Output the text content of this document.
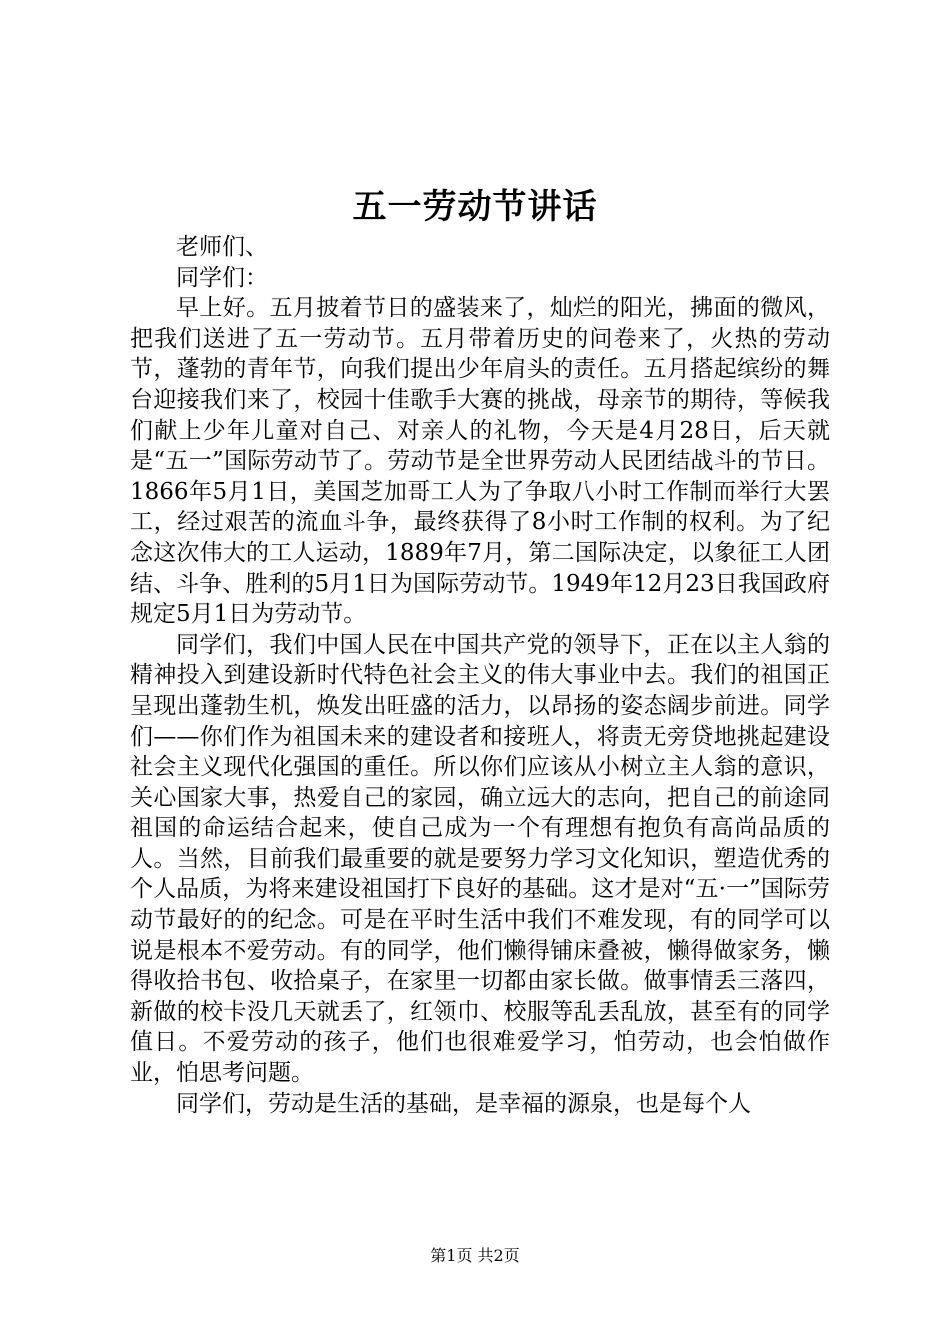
五一劳动节讲话

老师们、

同学们：

早上好。五月披着节日的盛装来了，灿烂的阳光，拂面的微风，把我们送进了五一劳动节。五月带着历史的问卷来了，火热的劳动节，蓬勃的青年节，向我们提出少年肩头的责任。五月搭起缤纷的舞台迎接我们来了，校园十佳歌手大赛的挑战，母亲节的期待，等候我们献上少年儿童对自己、对亲人的礼物，今天是4月28日，后天就是“五一”国际劳动节了。劳动节是全世界劳动人民团结战斗的节日。1866年5月1日，美国芝加哥工人为了争取八小时工作制而举行大罢工，经过艰苦的流血斗争，最终获得了8小时工作制的权利。为了纪念这次伟大的工人运动，1889年7月，第二国际决定，以象征工人团结、斗争、胜利的5月1日为国际劳动节。1949年12月23日我国政府规定5月1日为劳动节。

同学们，我们中国人民在中国共产党的领导下，正在以主人翁的精神投入到建设新时代特色社会主义的伟大事业中去。我们的祖国正呈现出蓬勃生机，焕发出旺盛的活力，以昂扬的姿态阔步前进。同学们——你们作为祖国未来的建设者和接班人，将责无旁贷地挑起建设社会主义现代化强国的重任。所以你们应该从小树立主人翁的意识，关心国家大事，热爱自己的家园，确立远大的志向，把自己的前途同祖国的命运结合起来，使自己成为一个有理想有抱负有高尚品质的人。当然，目前我们最重要的就是要努力学习文化知识，塑造优秀的个人品质，为将来建设祖国打下良好的基础。这才是对“五·一”国际劳动节最好的的纪念。可是在平时生活中我们不难发现，有的同学可以说是根本不爱劳动。有的同学，他们懒得铺床叠被，懒得做家务，懒得收拾书包、收拾桌子，在家里一切都由家长做。做事情丢三落四，新做的校卡没几天就丢了，红领巾、校服等乱丢乱放，甚至有的同学值日。不爱劳动的孩子，他们也很难爱学习，怕劳动，也会怕做作业，怕思考问题。

同学们，劳动是生活的基础，是幸福的源泉，也是每个人

第1页 共2页
